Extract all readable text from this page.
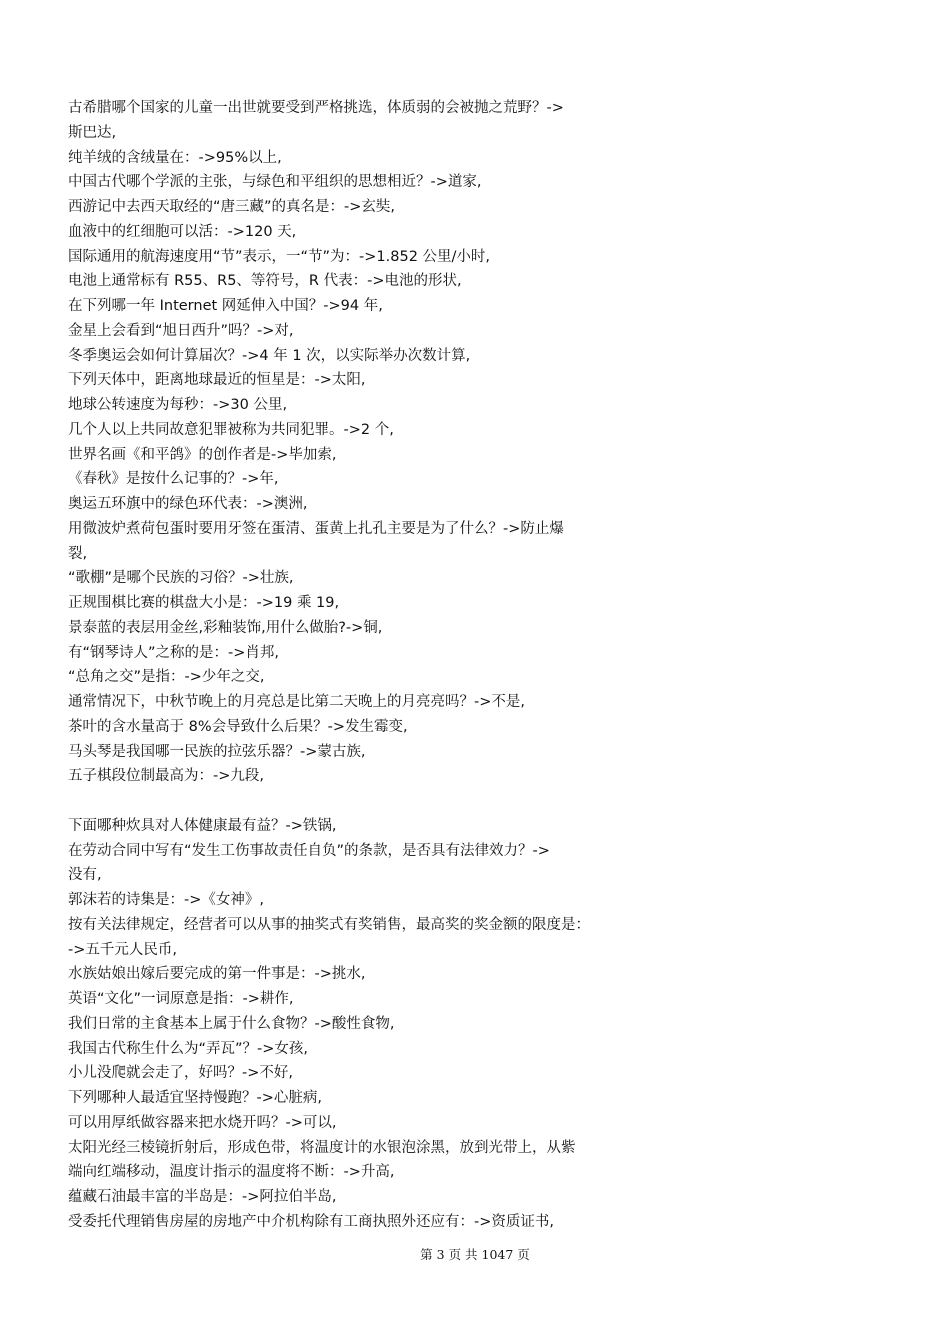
古希腊哪个国家的儿童一出世就要受到严格挑选，体质弱的会被抛之荒野？->
斯巴达,
纯羊绒的含绒量在：->95%以上,
中国古代哪个学派的主张，与绿色和平组织的思想相近？->道家,
西游记中去西天取经的“唐三藏”的真名是：->玄奘,
血液中的红细胞可以活：->120 天,
国际通用的航海速度用“节”表示，一“节”为：->1.852 公里/小时,
电池上通常标有 R55、R5、等符号，R 代表：->电池的形状,
在下列哪一年 Internet 网延伸入中国？->94 年,
金星上会看到“旭日西升”吗？->对,
冬季奥运会如何计算届次？->4 年 1 次，以实际举办次数计算,
下列天体中，距离地球最近的恒星是：->太阳,
地球公转速度为每秒：->30 公里,
几个人以上共同故意犯罪被称为共同犯罪。->2 个,
世界名画《和平鸽》的创作者是->毕加索,
《春秋》是按什么记事的？->年,
奥运五环旗中的绿色环代表：->澳洲,
用微波炉煮荷包蛋时要用牙签在蛋清、蛋黄上扎孔主要是为了什么？->防止爆
裂,
“歌棚”是哪个民族的习俗？->壮族,
正规围棋比赛的棋盘大小是：->19 乘 19,
景泰蓝的表层用金丝,彩釉装饰,用什么做胎?->铜,
有“钢琴诗人”之称的是：->肖邦,
“总角之交”是指：->少年之交,
通常情况下，中秋节晚上的月亮总是比第二天晚上的月亮亮吗？->不是,
茶叶的含水量高于 8%会导致什么后果？->发生霉变,
马头琴是我国哪一民族的拉弦乐器？->蒙古族,
五子棋段位制最高为：->九段,
下面哪种炊具对人体健康最有益？->铁锅,
在劳动合同中写有“发生工伤事故责任自负”的条款，是否具有法律效力？->
没有,
郭沫若的诗集是：->《女神》,
按有关法律规定，经营者可以从事的抽奖式有奖销售，最高奖的奖金额的限度是：
->五千元人民币,
水族姑娘出嫁后要完成的第一件事是：->挑水,
英语“文化”一词原意是指：->耕作,
我们日常的主食基本上属于什么食物？->酸性食物,
我国古代称生什么为“弄瓦”？->女孩,
小儿没爬就会走了，好吗？->不好,
下列哪种人最适宜坚持慢跑？->心脏病,
可以用厚纸做容器来把水烧开吗？->可以,
太阳光经三棱镜折射后，形成色带，将温度计的水银泡涂黑，放到光带上，从紫
端向红端移动，温度计指示的温度将不断：->升高,
蕴藏石油最丰富的半岛是：->阿拉伯半岛,
受委托代理销售房屋的房地产中介机构除有工商执照外还应有：->资质证书,
第 3 页 共 1047 页
